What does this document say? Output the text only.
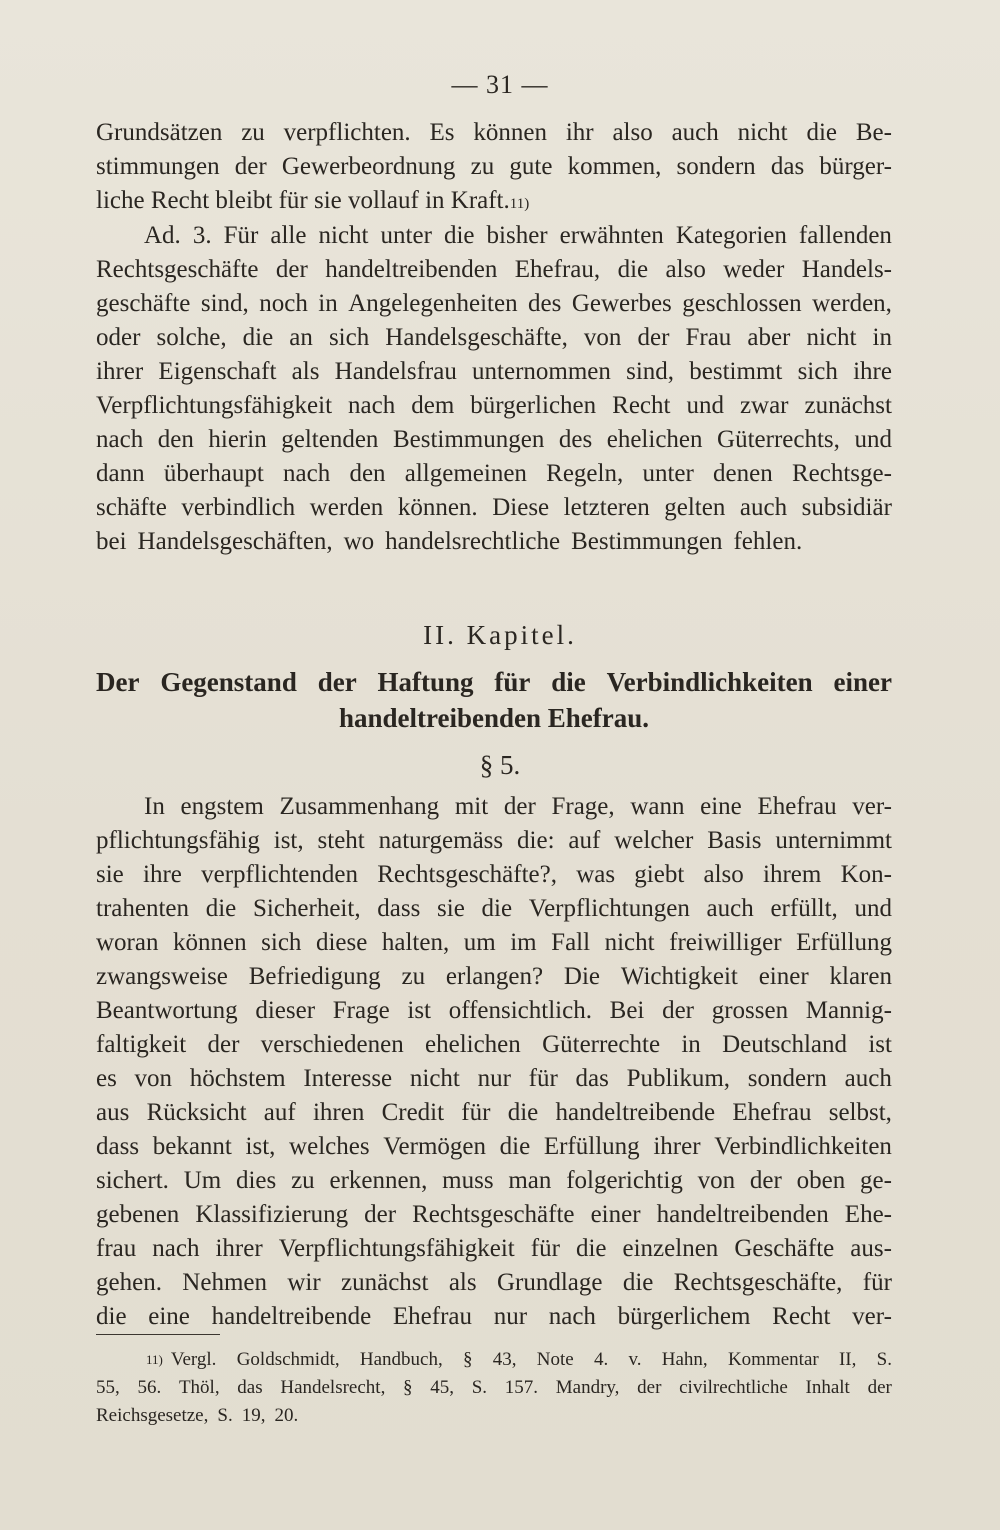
— 31 —
Grundsätzen zu verpflichten. Es können ihr also auch nicht die Be-
stimmungen der Gewerbeordnung zu gute kommen, sondern das bürger-
liche Recht bleibt für sie vollauf in Kraft. 11)
Ad. 3. Für alle nicht unter die bisher erwähnten Kategorien fallenden
Rechtsgeschäfte der handeltreibenden Ehefrau, die also weder Handels-
geschäfte sind, noch in Angelegenheiten des Gewerbes geschlossen werden,
oder solche, die an sich Handelsgeschäfte, von der Frau aber nicht in
ihrer Eigenschaft als Handelsfrau unternommen sind, bestimmt sich ihre
Verpflichtungsfähigkeit nach dem bürgerlichen Recht und zwar zunächst
nach den hierin geltenden Bestimmungen des ehelichen Güterrechts, und
dann überhaupt nach den allgemeinen Regeln, unter denen Rechtsge-
schäfte verbindlich werden können. Diese letzteren gelten auch subsidiär
bei Handelsgeschäften, wo handelsrechtliche Bestimmungen fehlen.
II. Kapitel.
Der Gegenstand der Haftung für die Verbindlichkeiten einer
handeltreibenden Ehefrau.
§ 5.
In engstem Zusammenhang mit der Frage, wann eine Ehefrau ver-
pflichtungsfähig ist, steht naturgemäss die: auf welcher Basis unternimmt
sie ihre verpflichtenden Rechtsgeschäfte?, was giebt also ihrem Kon-
trahenten die Sicherheit, dass sie die Verpflichtungen auch erfüllt, und
woran können sich diese halten, um im Fall nicht freiwilliger Erfüllung
zwangsweise Befriedigung zu erlangen? Die Wichtigkeit einer klaren
Beantwortung dieser Frage ist offensichtlich. Bei der grossen Mannig-
faltigkeit der verschiedenen ehelichen Güterrechte in Deutschland ist
es von höchstem Interesse nicht nur für das Publikum, sondern auch
aus Rücksicht auf ihren Credit für die handeltreibende Ehefrau selbst,
dass bekannt ist, welches Vermögen die Erfüllung ihrer Verbindlichkeiten
sichert. Um dies zu erkennen, muss man folgerichtig von der oben ge-
gebenen Klassifizierung der Rechtsgeschäfte einer handeltreibenden Ehe-
frau nach ihrer Verpflichtungsfähigkeit für die einzelnen Geschäfte aus-
gehen. Nehmen wir zunächst als Grundlage die Rechtsgeschäfte, für
die eine handeltreibende Ehefrau nur nach bürgerlichem Recht ver-
11) Vergl. Goldschmidt, Handbuch, § 43, Note 4. v. Hahn, Kommentar II, S.
55, 56. Thöl, das Handelsrecht, § 45, S. 157. Mandry, der civilrechtliche Inhalt der
Reichsgesetze, S. 19, 20.
